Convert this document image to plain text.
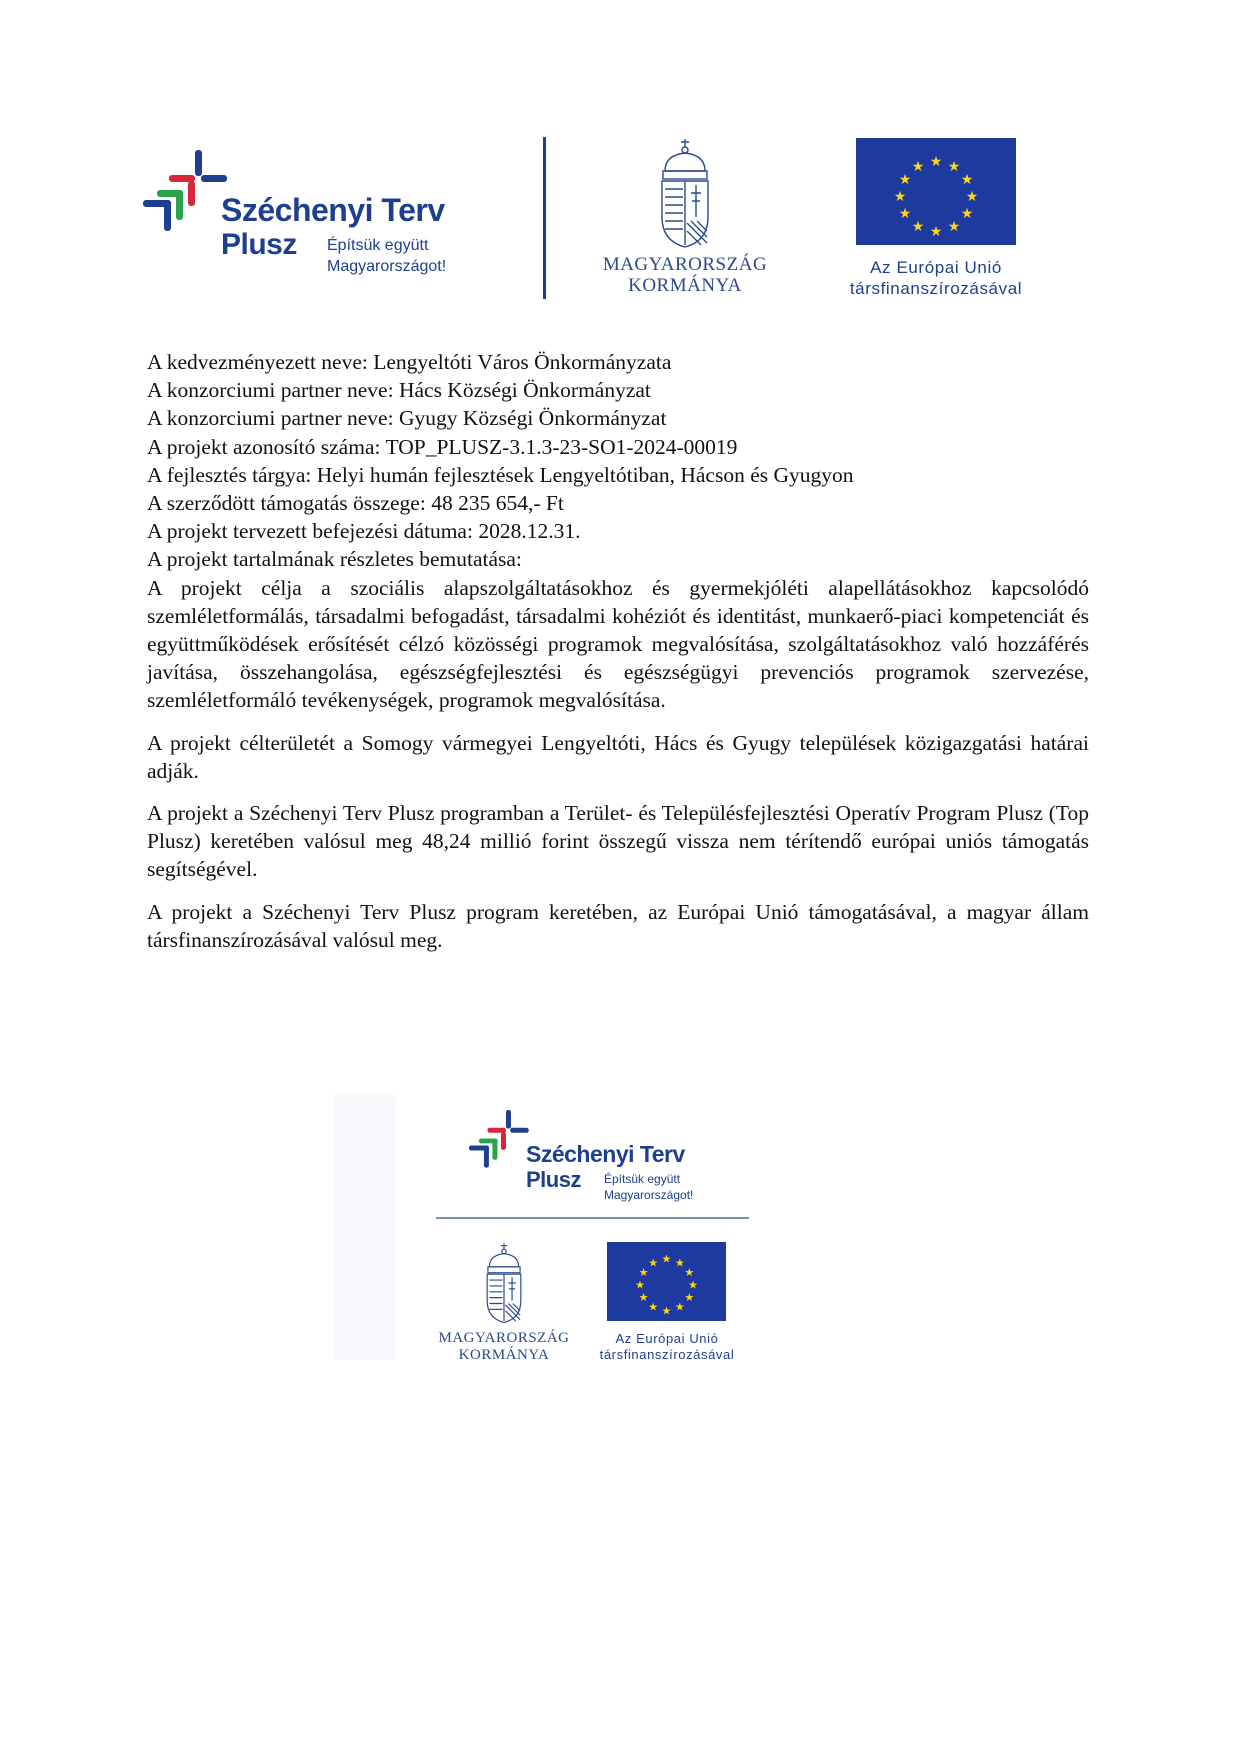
Széchenyi Terv
Plusz Építsük együtt
Magyarországot!	MAGYARORSZÁG
KORMÁNYA
★ ★
★
★
★
★
★
★
★
★
★
★
Az Európai Unió
társfinanszírozásával
A kedvezményezett neve: Lengyeltóti Város Önkormányzata
A konzorciumi partner neve: Hács Községi Önkormányzat
A konzorciumi partner neve: Gyugy Községi Önkormányzat
A projekt azonosító száma: TOP_PLUSZ-3.1.3-23-SO1-2024-00019
A fejlesztés tárgya: Helyi humán fejlesztések Lengyeltótiban, Hácson és Gyugyon
A szerződött támogatás összege: 48 235 654,- Ft
A projekt tervezett befejezési dátuma: 2028.12.31.
A projekt tartalmának részletes bemutatása:

A projekt célja a szociális alapszolgáltatásokhoz és gyermekjóléti alapellátásokhoz kapcsolódó szemléletformálás, társadalmi befogadást, társadalmi kohéziót és identitást, munkaerő-piaci kompetenciát és együttműködések erősítését célzó közösségi programok megvalósítása, szolgáltatásokhoz való hozzáférés javítása, összehangolása, egészségfejlesztési és egészségügyi prevenciós programok szervezése, szemléletformáló tevékenységek, programok megvalósítása.

A projekt célterületét a Somogy vármegyei Lengyeltóti, Hács és Gyugy települések közigazgatási határai adják.

A projekt a Széchenyi Terv Plusz programban a Terület- és Településfejlesztési Operatív Program Plusz (Top Plusz) keretében valósul meg 48,24 millió forint összegű vissza nem térítendő európai uniós támogatás segítségével.

A projekt a Széchenyi Terv Plusz program keretében, az Európai Unió támogatásával, a magyar állam társfinanszírozásával valósul meg.

Széchenyi Terv
Plusz Építsük együtt
Magyarországot!
MAGYARORSZÁG
KORMÁNYA
★ ★
★
★
★
★
★
★
★
★
★
★
Az Európai Unió
társfinanszírozásával
